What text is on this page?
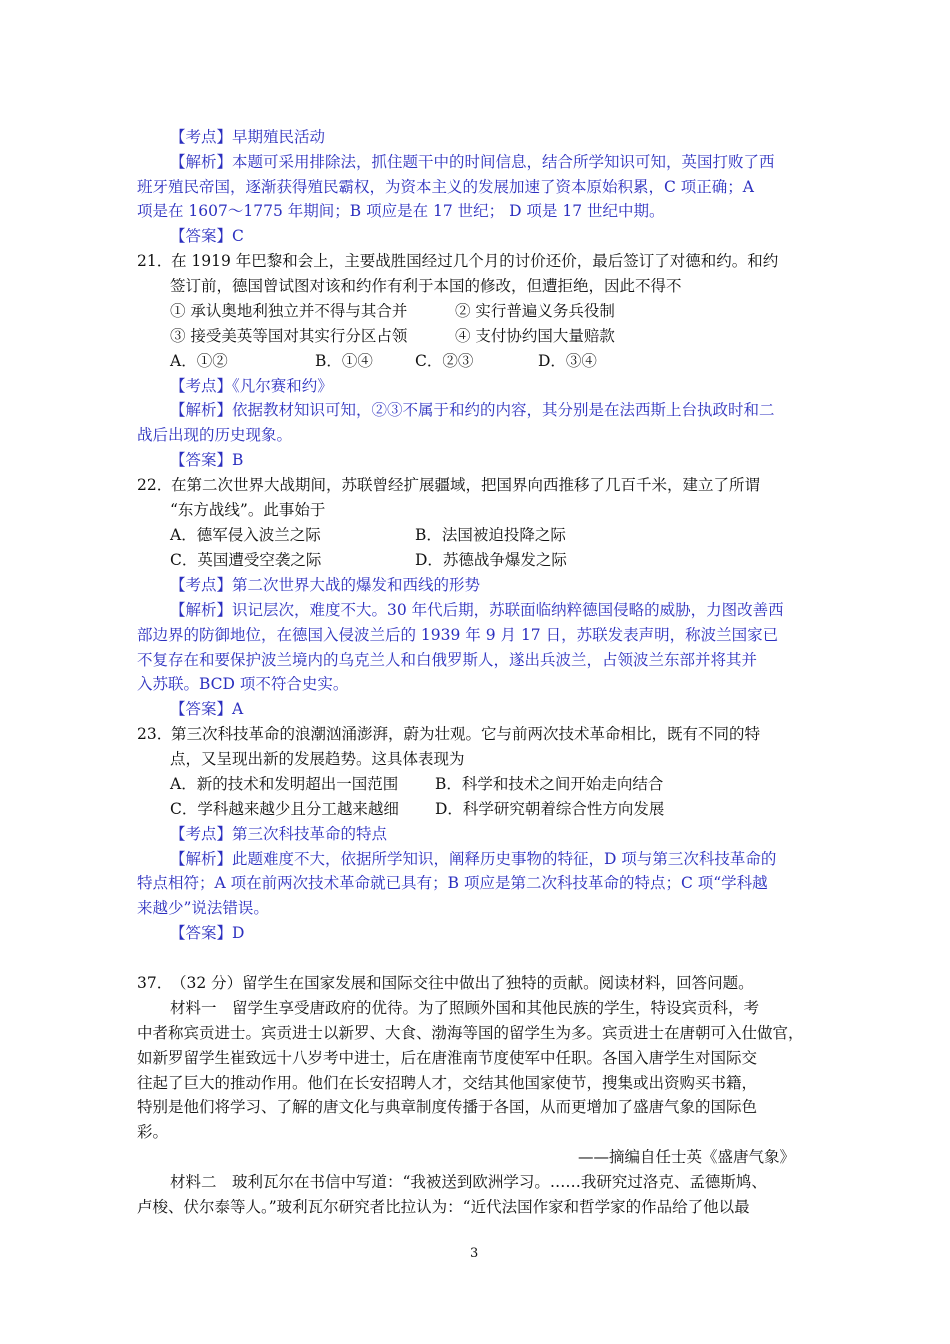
【考点】早期殖民活动
【解析】本题可采用排除法，抓住题干中的时间信息，结合所学知识可知，英国打败了西
班牙殖民帝国，逐渐获得殖民霸权，为资本主义的发展加速了资本原始积累，C 项正确；A
项是在 1607～1775 年期间；B 项应是在 17 世纪； D 项是 17 世纪中期。
【答案】C
21．在 1919 年巴黎和会上，主要战胜国经过几个月的讨价还价，最后签订了对德和约。和约
签订前，德国曾试图对该和约作有利于本国的修改，但遭拒绝，因此不得不
① 承认奥地利独立并不得与其合并	② 实行普遍义务兵役制
③ 接受美英等国对其实行分区占领	④ 支付协约国大量赔款
A．①②	B．①④	C．②③	D．③④
【考点】《凡尔赛和约》
【解析】依据教材知识可知，②③不属于和约的内容，其分别是在法西斯上台执政时和二
战后出现的历史现象。
【答案】B
22．在第二次世界大战期间，苏联曾经扩展疆域，把国界向西推移了几百千米，建立了所谓
“东方战线”。此事始于
A．德军侵入波兰之际	B．法国被迫投降之际
C．英国遭受空袭之际	D．苏德战争爆发之际
【考点】第二次世界大战的爆发和西线的形势
【解析】识记层次，难度不大。30 年代后期，苏联面临纳粹德国侵略的威胁，力图改善西
部边界的防御地位，在德国入侵波兰后的 1939 年 9 月 17 日，苏联发表声明，称波兰国家已
不复存在和要保护波兰境内的乌克兰人和白俄罗斯人，遂出兵波兰，占领波兰东部并将其并
入苏联。BCD 项不符合史实。
【答案】A
23．第三次科技革命的浪潮汹涌澎湃，蔚为壮观。它与前两次技术革命相比，既有不同的特
点，又呈现出新的发展趋势。这具体表现为
A．新的技术和发明超出一国范围 B．科学和技术之间开始走向结合
C．学科越来越少且分工越来越细 D．科学研究朝着综合性方向发展
【考点】第三次科技革命的特点
【解析】此题难度不大，依据所学知识，阐释历史事物的特征，D 项与第三次科技革命的
特点相符；A 项在前两次技术革命就已具有；B 项应是第二次科技革命的特点；C 项“学科越
来越少”说法错误。
【答案】D
37．（32 分）留学生在国家发展和国际交往中做出了独特的贡献。阅读材料，回答问题。
材料一　留学生享受唐政府的优待。为了照顾外国和其他民族的学生，特设宾贡科，考
中者称宾贡进士。宾贡进士以新罗、大食、渤海等国的留学生为多。宾贡进士在唐朝可入仕做官，
如新罗留学生崔致远十八岁考中进士，后在唐淮南节度使军中任职。各国入唐学生对国际交
往起了巨大的推动作用。他们在长安招聘人才，交结其他国家使节，搜集或出资购买书籍，
特别是他们将学习、了解的唐文化与典章制度传播于各国，从而更增加了盛唐气象的国际色
彩。
——摘编自任士英《盛唐气象》
材料二　玻利瓦尔在书信中写道：“我被送到欧洲学习。……我研究过洛克、孟德斯鸠、
卢梭、伏尔泰等人。”玻利瓦尔研究者比拉认为：“近代法国作家和哲学家的作品给了他以最
3
